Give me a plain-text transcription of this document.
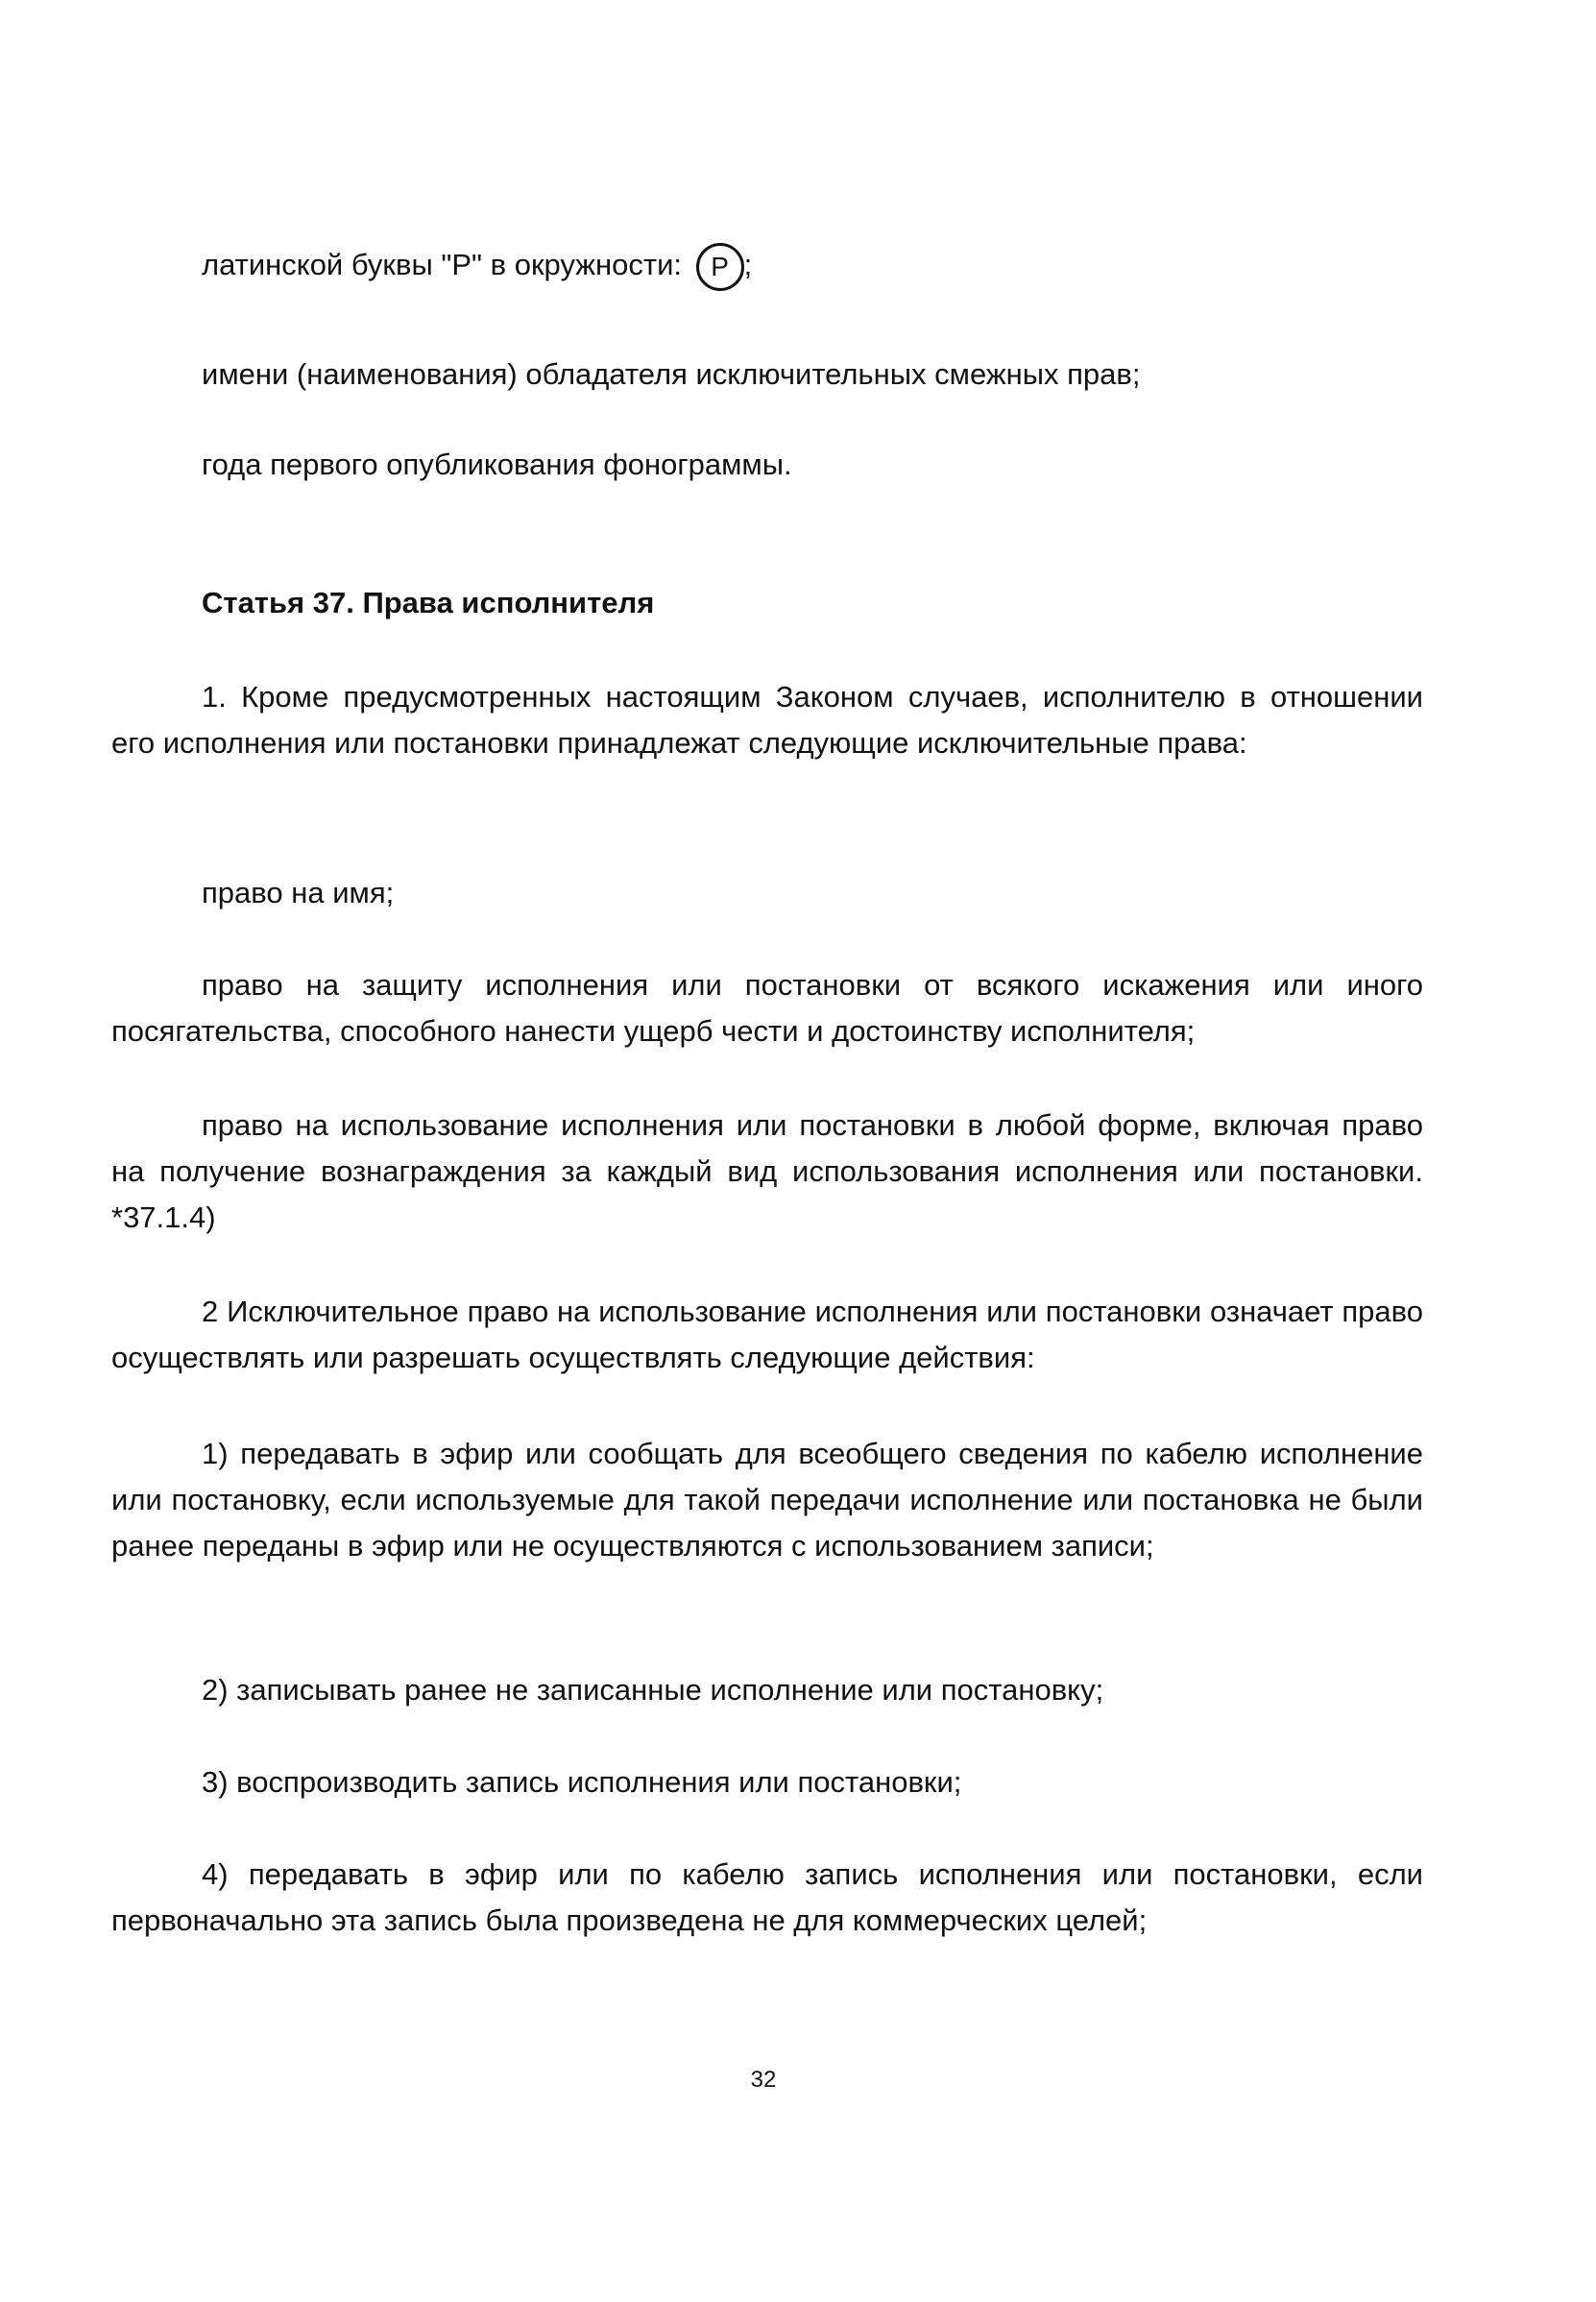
латинской буквы "Р" в окружности: P ;

имени (наименования) обладателя исключительных смежных прав;

года первого опубликования фонограммы.

Статья 37. Права исполнителя

1. Кроме предусмотренных настоящим Законом случаев, исполнителю в отношении его исполнения или постановки принадлежат следующие исключительные права:

право на имя;

право на защиту исполнения или постановки от всякого искажения или иного посягательства, способного нанести ущерб чести и достоинству исполнителя;

право на использование исполнения или постановки в любой форме, включая право на получение вознаграждения за каждый вид использования исполнения или постановки. *37.1.4)

2 Исключительное право на использование исполнения или постановки означает право осуществлять или разрешать осуществлять следующие действия:

1) передавать в эфир или сообщать для всеобщего сведения по кабелю исполнение или постановку, если используемые для такой передачи исполнение или постановка не были ранее переданы в эфир или не осуществляются с использованием записи;

2) записывать ранее не записанные исполнение или постановку;

3) воспроизводить запись исполнения или постановки;

4) передавать в эфир или по кабелю запись исполнения или постановки, если первоначально эта запись была произведена не для коммерческих целей;

32
